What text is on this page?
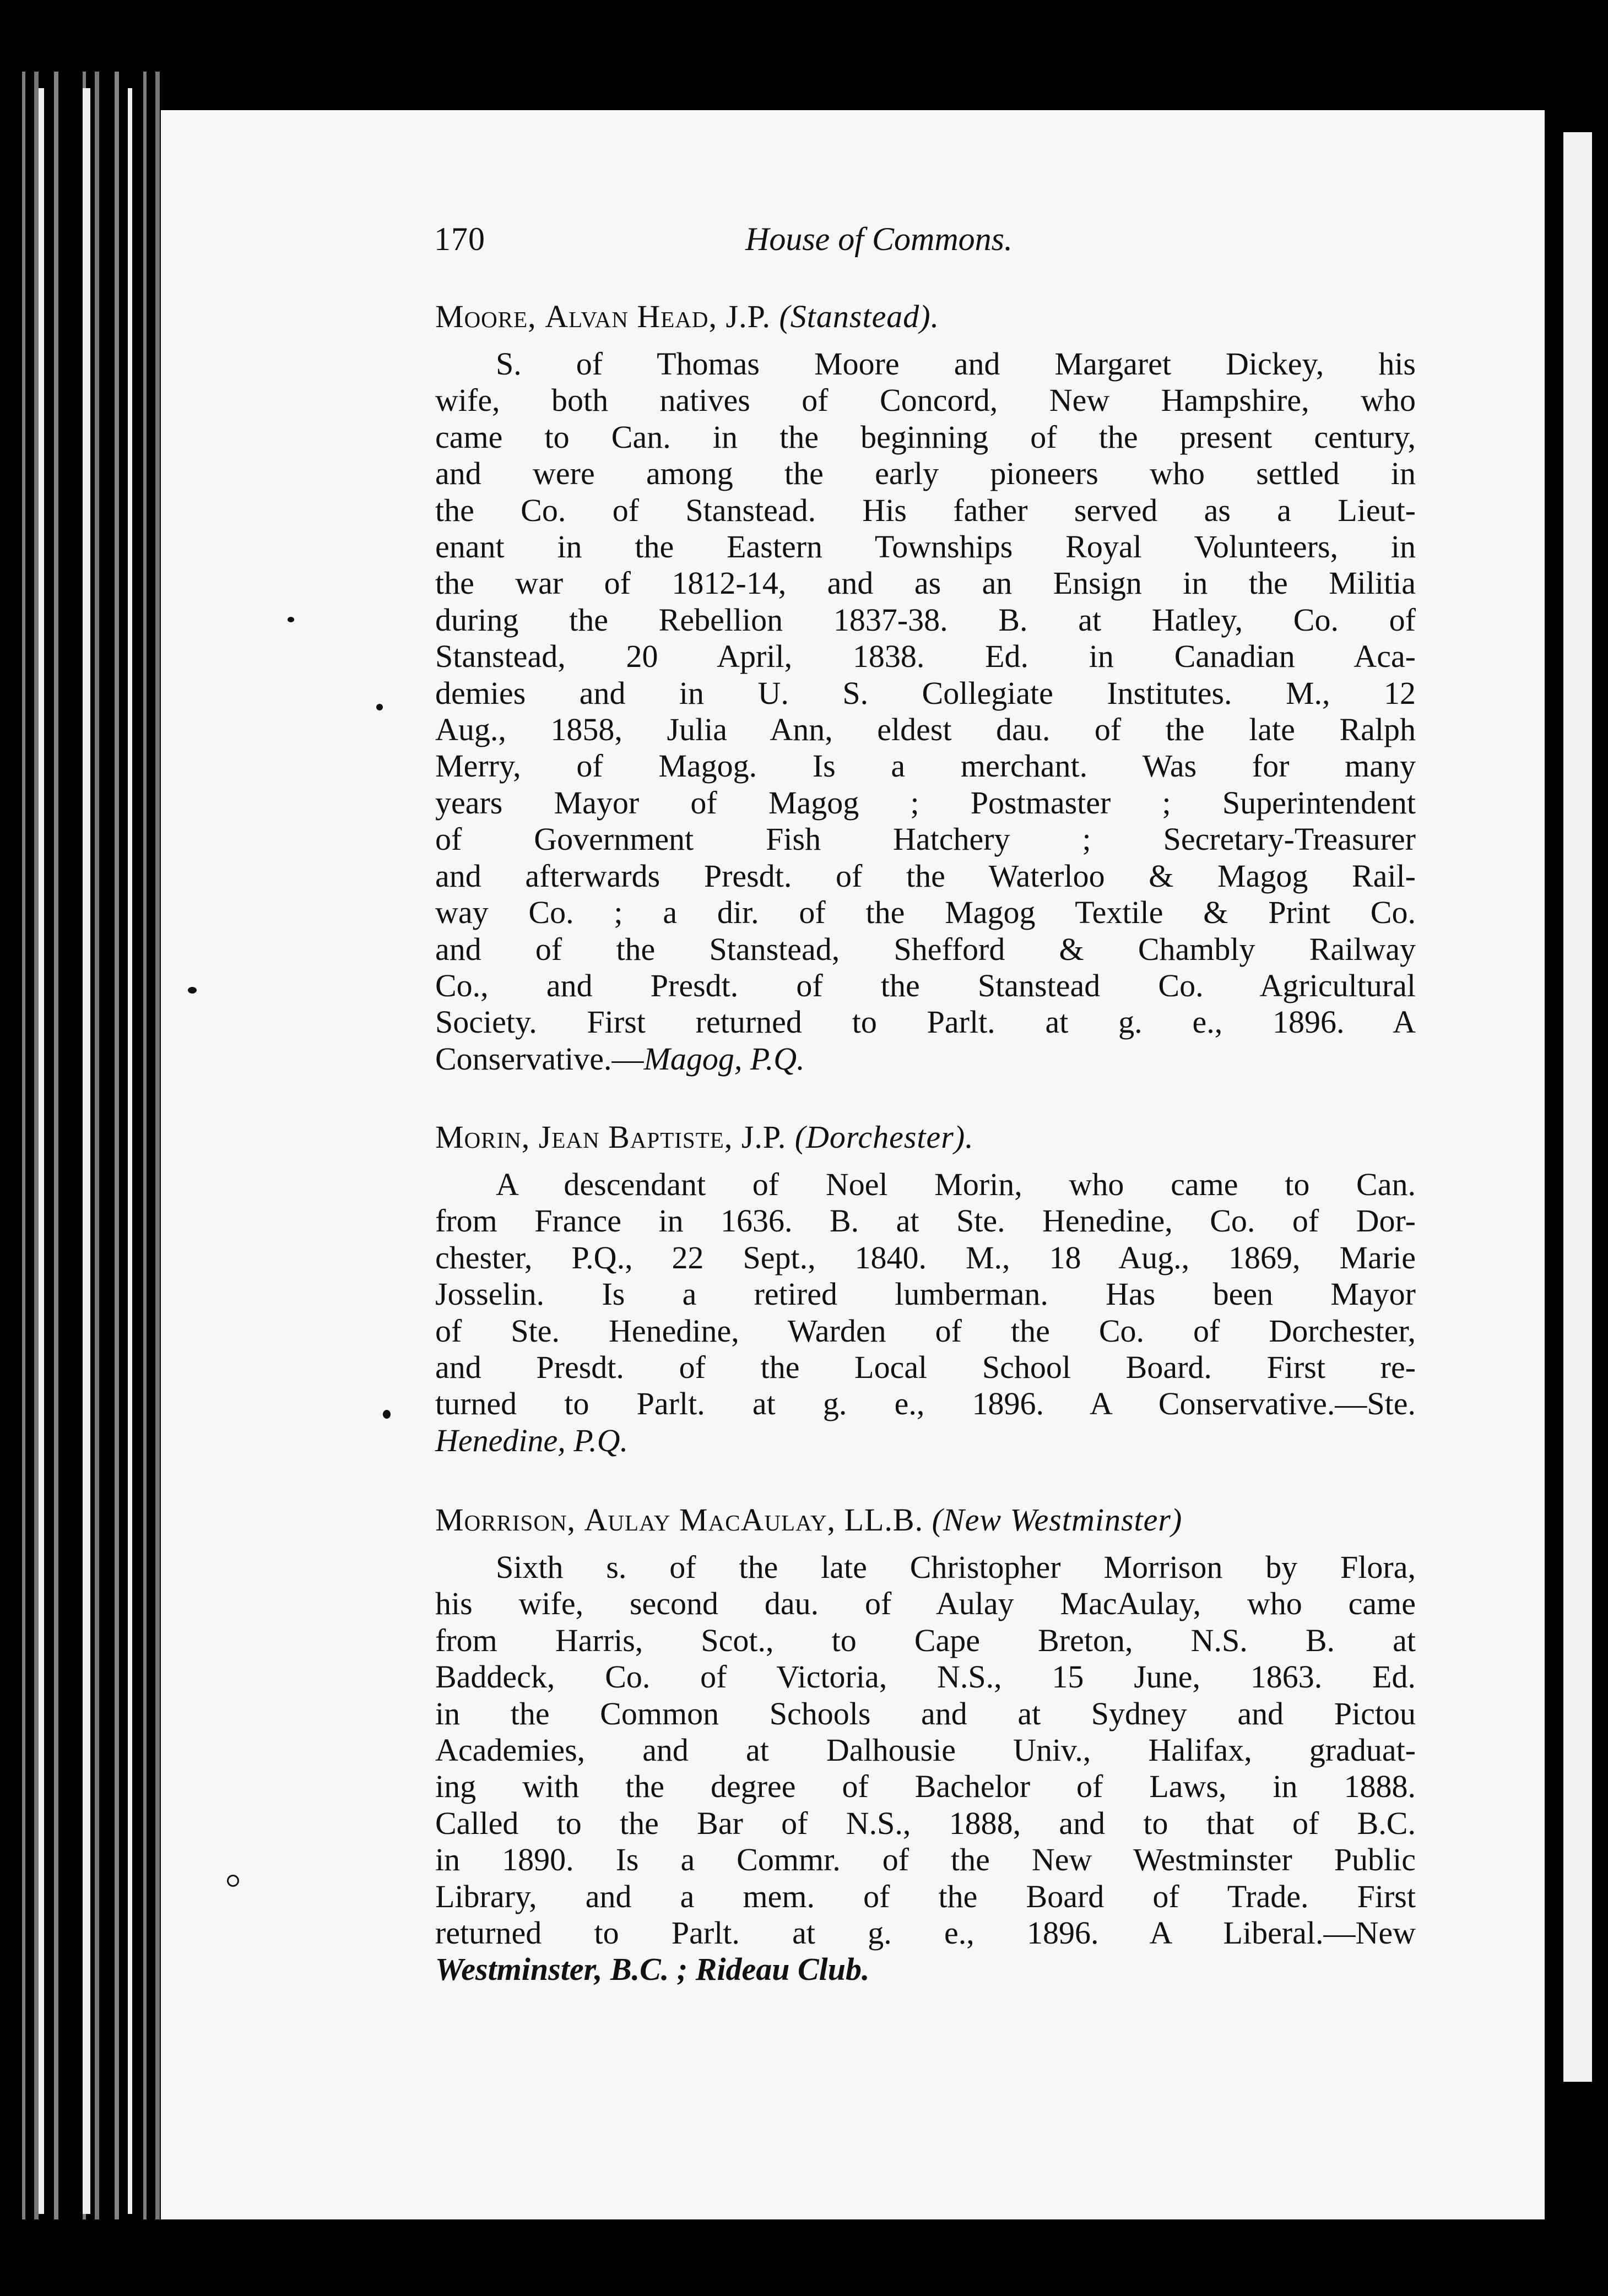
170	House of Commons.
Moore, Alvan Head, J.P. (Stanstead).
S. of Thomas Moore and Margaret Dickey, his
wife, both natives of Concord, New Hampshire, who
came to Can. in the beginning of the present century,
and were among the early pioneers who settled in
the Co. of Stanstead. His father served as a Lieut-
enant in the Eastern Townships Royal Volunteers, in
the war of 1812-14, and as an Ensign in the Militia
during the Rebellion 1837-38. B. at Hatley, Co. of
Stanstead, 20 April, 1838. Ed. in Canadian Aca-
demies and in U. S. Collegiate Institutes. M., 12
Aug., 1858, Julia Ann, eldest dau. of the late Ralph
Merry, of Magog. Is a merchant. Was for many
years Mayor of Magog ; Postmaster ; Superintendent
of Government Fish Hatchery ; Secretary-Treasurer
and afterwards Presdt. of the Waterloo & Magog Rail-
way Co. ; a dir. of the Magog Textile & Print Co.
and of the Stanstead, Shefford & Chambly Railway
Co., and Presdt. of the Stanstead Co. Agricultural
Society. First returned to Parlt. at g. e., 1896. A
Conservative.—Magog, P.Q.
Morin, Jean Baptiste, J.P. (Dorchester).
A descendant of Noel Morin, who came to Can.
from France in 1636. B. at Ste. Henedine, Co. of Dor-
chester, P.Q., 22 Sept., 1840. M., 18 Aug., 1869, Marie
Josselin. Is a retired lumberman. Has been Mayor
of Ste. Henedine, Warden of the Co. of Dorchester,
and Presdt. of the Local School Board. First re-
turned to Parlt. at g. e., 1896. A Conservative.—Ste.
Henedine, P.Q.
Morrison, Aulay MacAulay, LL.B. (New Westminster)
Sixth s. of the late Christopher Morrison by Flora,
his wife, second dau. of Aulay MacAulay, who came
from Harris, Scot., to Cape Breton, N.S. B. at
Baddeck, Co. of Victoria, N.S., 15 June, 1863. Ed.
in the Common Schools and at Sydney and Pictou
Academies, and at Dalhousie Univ., Halifax, graduat-
ing with the degree of Bachelor of Laws, in 1888.
Called to the Bar of N.S., 1888, and to that of B.C.
in 1890. Is a Commr. of the New Westminster Public
Library, and a mem. of the Board of Trade. First
returned to Parlt. at g. e., 1896. A Liberal.—New
Westminster, B.C. ; Rideau Club.
